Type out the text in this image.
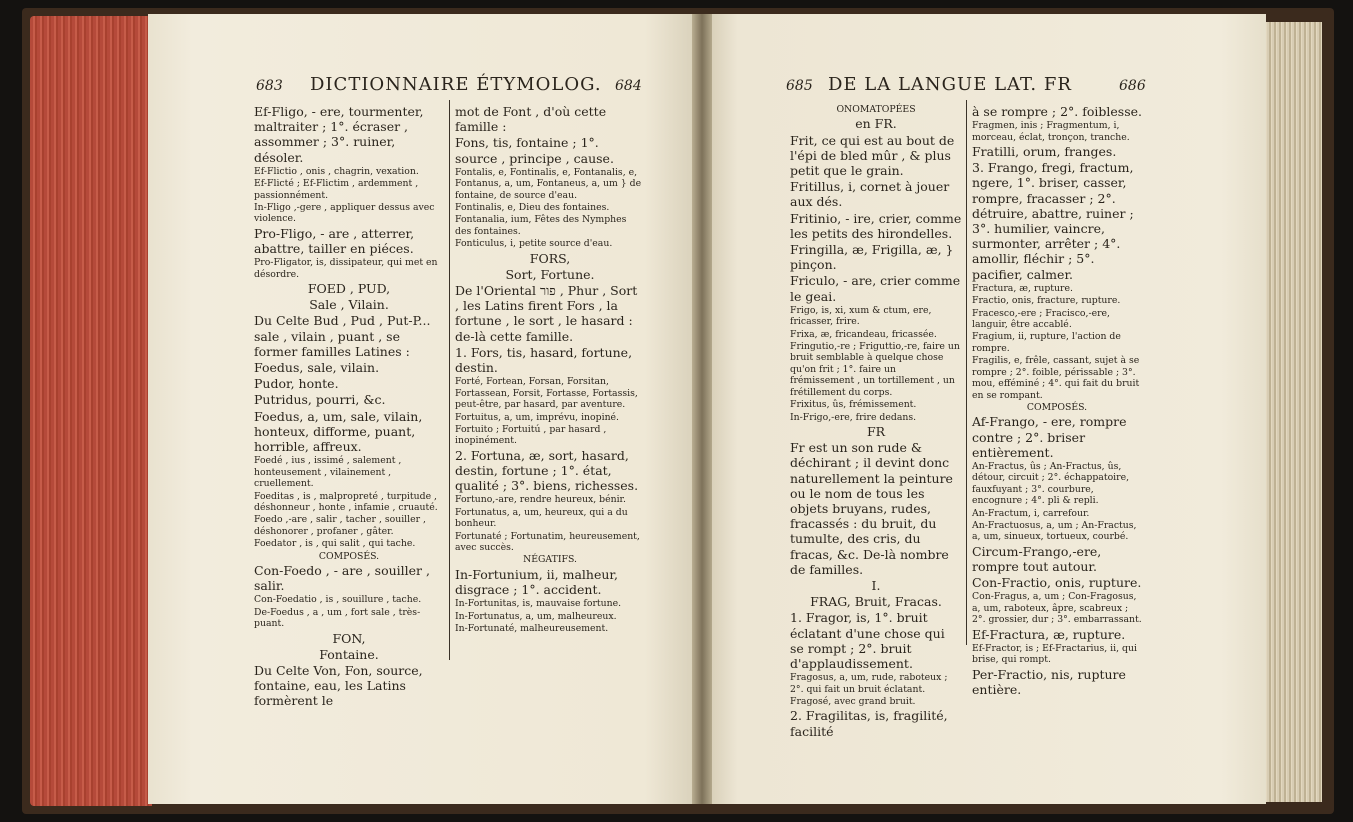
683 DICTIONNAIRE ÉTYMOLOG. 684

Ef-Fligo, - ere, tourmenter, maltraiter ; 1°. écraser , assommer ; 3°. ruiner, désoler.

Ef-Flictio , onis , chagrin, vexation.

Ef-Flicté ; Ef-Flictim , ardemment , passionnément.

In-Fligo ,-gere , appliquer dessus avec violence.

Pro-Fligo, - are , atterrer, abattre, tailler en piéces.

Pro-Fligator, is, dissipateur, qui met en désordre.

FOED , PUD,

Sale , Vilain.

Du Celte Bud , Pud , Put-P... sale , vilain , puant , se former familles Latines :

Foedus, sale, vilain.

Pudor, honte.

Putridus, pourri, &c.

Foedus, a, um, sale, vilain, honteux, difforme, puant, horrible, affreux.

Foedé , ius , issimé , salement , honteusement , vilainement , cruellement.

Foeditas , is , malpropreté , turpitude , déshonneur , honte , infamie , cruauté.

Foedo ,-are , salir , tacher , souiller , déshonorer , profaner , gâter.

Foedator , is , qui salit , qui tache.

COMPOSÉS.

Con-Foedo , - are , souiller , salir.

Con-Foedatio , is , souillure , tache.

De-Foedus , a , um , fort sale , très-puant.

FON,

Fontaine.

Du Celte Von, Fon, source, fontaine, eau, les Latins formèrent le

mot de Font , d'où cette famille :

Fons, tis, fontaine ; 1°. source , principe , cause.

Fontalis, e, Fontinalis, e, Fontanalis, e, Fontanus, a, um, Fontaneus, a, um } de fontaine, de source d'eau.

Fontinalis, e, Dieu des fontaines.

Fontanalia, ium, Fêtes des Nymphes des fontaines.

Fonticulus, i, petite source d'eau.

FORS,

Sort, Fortune.

De l'Oriental פור , Phur , Sort , les Latins firent Fors , la fortune , le sort , le hasard : de-là cette famille.

1. Fors, tis, hasard, fortune, destin.

Forté, Fortean, Forsan, Forsitan, Fortassean, Forsit, Fortasse, Fortassis, peut-être, par hasard, par aventure.

Fortuitus, a, um, imprévu, inopiné.

Fortuito ; Fortuitú , par hasard , inopinément.

2. Fortuna, æ, sort, hasard, destin, fortune ; 1°. état, qualité ; 3°. biens, richesses.

Fortuno,-are, rendre heureux, bénir.

Fortunatus, a, um, heureux, qui a du bonheur.

Fortunaté ; Fortunatim, heureusement, avec succès.

NÉGATIFS.

In-Fortunium, ii, malheur, disgrace ; 1°. accident.

In-Fortunitas, is, mauvaise fortune.

In-Fortunatus, a, um, malheureux.

In-Fortunaté, malheureusement.

685 DE LA LANGUE LAT. FR	686

ONOMATOPÉES

en FR.

Frit, ce qui est au bout de l'épi de bled mûr , & plus petit que le grain.

Fritillus, i, cornet à jouer aux dés.

Fritinio, - ire, crier, comme les petits des hirondelles.

Fringilla, æ, Frigilla, æ, } pinçon.

Friculo, - are, crier comme le geai.

Frigo, is, xi, xum & ctum, ere, fricasser, frire.

Frixa, æ, fricandeau, fricassée.

Fringutio,-re ; Friguttio,-re, faire un bruit semblable à quelque chose qu'on frit ; 1°. faire un frémissement , un tortillement , un frétillement du corps.

Frixitus, ûs, frémissement.

In-Frigo,-ere, frire dedans.

FR

Fr est un son rude & déchirant ; il devint donc naturellement la peinture ou le nom de tous les objets bruyans, rudes, fracassés : du bruit, du tumulte, des cris, du fracas, &c. De-là nombre de familles.

I.

FRAG, Bruit, Fracas.

1. Fragor, is, 1°. bruit éclatant d'une chose qui se rompt ; 2°. bruit d'applaudissement.

Fragosus, a, um, rude, raboteux ; 2°. qui fait un bruit éclatant.

Fragosé, avec grand bruit.

2. Fragilitas, is, fragilité, facilité

à se rompre ; 2°. foiblesse.

Fragmen, inis ; Fragmentum, i, morceau, éclat, tronçon, tranche.

Fratilli, orum, franges.

3. Frango, fregi, fractum, ngere, 1°. briser, casser, rompre, fracasser ; 2°. détruire, abattre, ruiner ; 3°. humilier, vaincre, surmonter, arrêter ; 4°. amollir, fléchir ; 5°. pacifier, calmer.

Fractura, æ, rupture.

Fractio, onis, fracture, rupture.

Fracesco,-ere ; Fracisco,-ere, languir, être accablé.

Fragium, ii, rupture, l'action de rompre.

Fragilis, e, frêle, cassant, sujet à se rompre ; 2°. foible, périssable ; 3°. mou, efféminé ; 4°. qui fait du bruit en se rompant.

COMPOSÉS.

Af-Frango, - ere, rompre contre ; 2°. briser entièrement.

An-Fractus, ûs ; An-Fractus, ûs, détour, circuit ; 2°. échappatoire, fauxfuyant ; 3°. courbure, encognure ; 4°. pli & repli.

An-Fractum, i, carrefour.

An-Fractuosus, a, um ; An-Fractus, a, um, sinueux, tortueux, courbé.

Circum-Frango,-ere, rompre tout autour.

Con-Fractio, onis, rupture.

Con-Fragus, a, um ; Con-Fragosus, a, um, raboteux, âpre, scabreux ; 2°. grossier, dur ; 3°. embarrassant.

Ef-Fractura, æ, rupture.

Ef-Fractor, is ; Ef-Fractarius, ii, qui brise, qui rompt.

Per-Fractio, nis, rupture entière.
